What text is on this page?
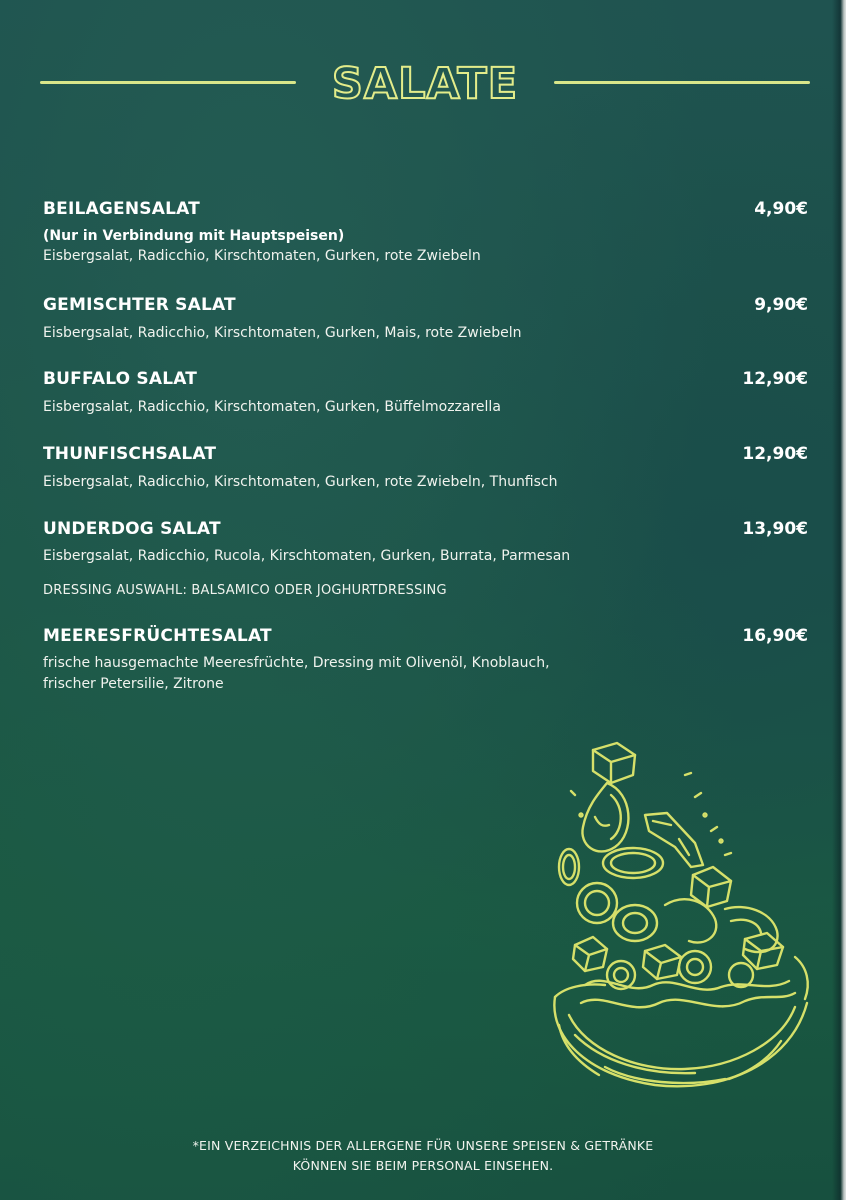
SALATE
BEILAGENSALAT	4,90€
(Nur in Verbindung mit Hauptspeisen)
Eisbergsalat, Radicchio, Kirschtomaten, Gurken, rote Zwiebeln
GEMISCHTER SALAT	9,90€
Eisbergsalat, Radicchio, Kirschtomaten, Gurken, Mais, rote Zwiebeln
BUFFALO SALAT	12,90€
Eisbergsalat, Radicchio, Kirschtomaten, Gurken, Büffelmozzarella
THUNFISCHSALAT	12,90€
Eisbergsalat, Radicchio, Kirschtomaten, Gurken, rote Zwiebeln, Thunfisch
UNDERDOG SALAT	13,90€
Eisbergsalat, Radicchio, Rucola, Kirschtomaten, Gurken, Burrata, Parmesan
DRESSING AUSWAHL: BALSAMICO ODER JOGHURTDRESSING
MEERESFRÜCHTESALAT	16,90€
frische hausgemachte Meeresfrüchte, Dressing mit Olivenöl, Knoblauch,
frischer Petersilie, Zitrone
*EIN VERZEICHNIS DER ALLERGENE FÜR UNSERE SPEISEN & GETRÄNKE
KÖNNEN SIE BEIM PERSONAL EINSEHEN.
